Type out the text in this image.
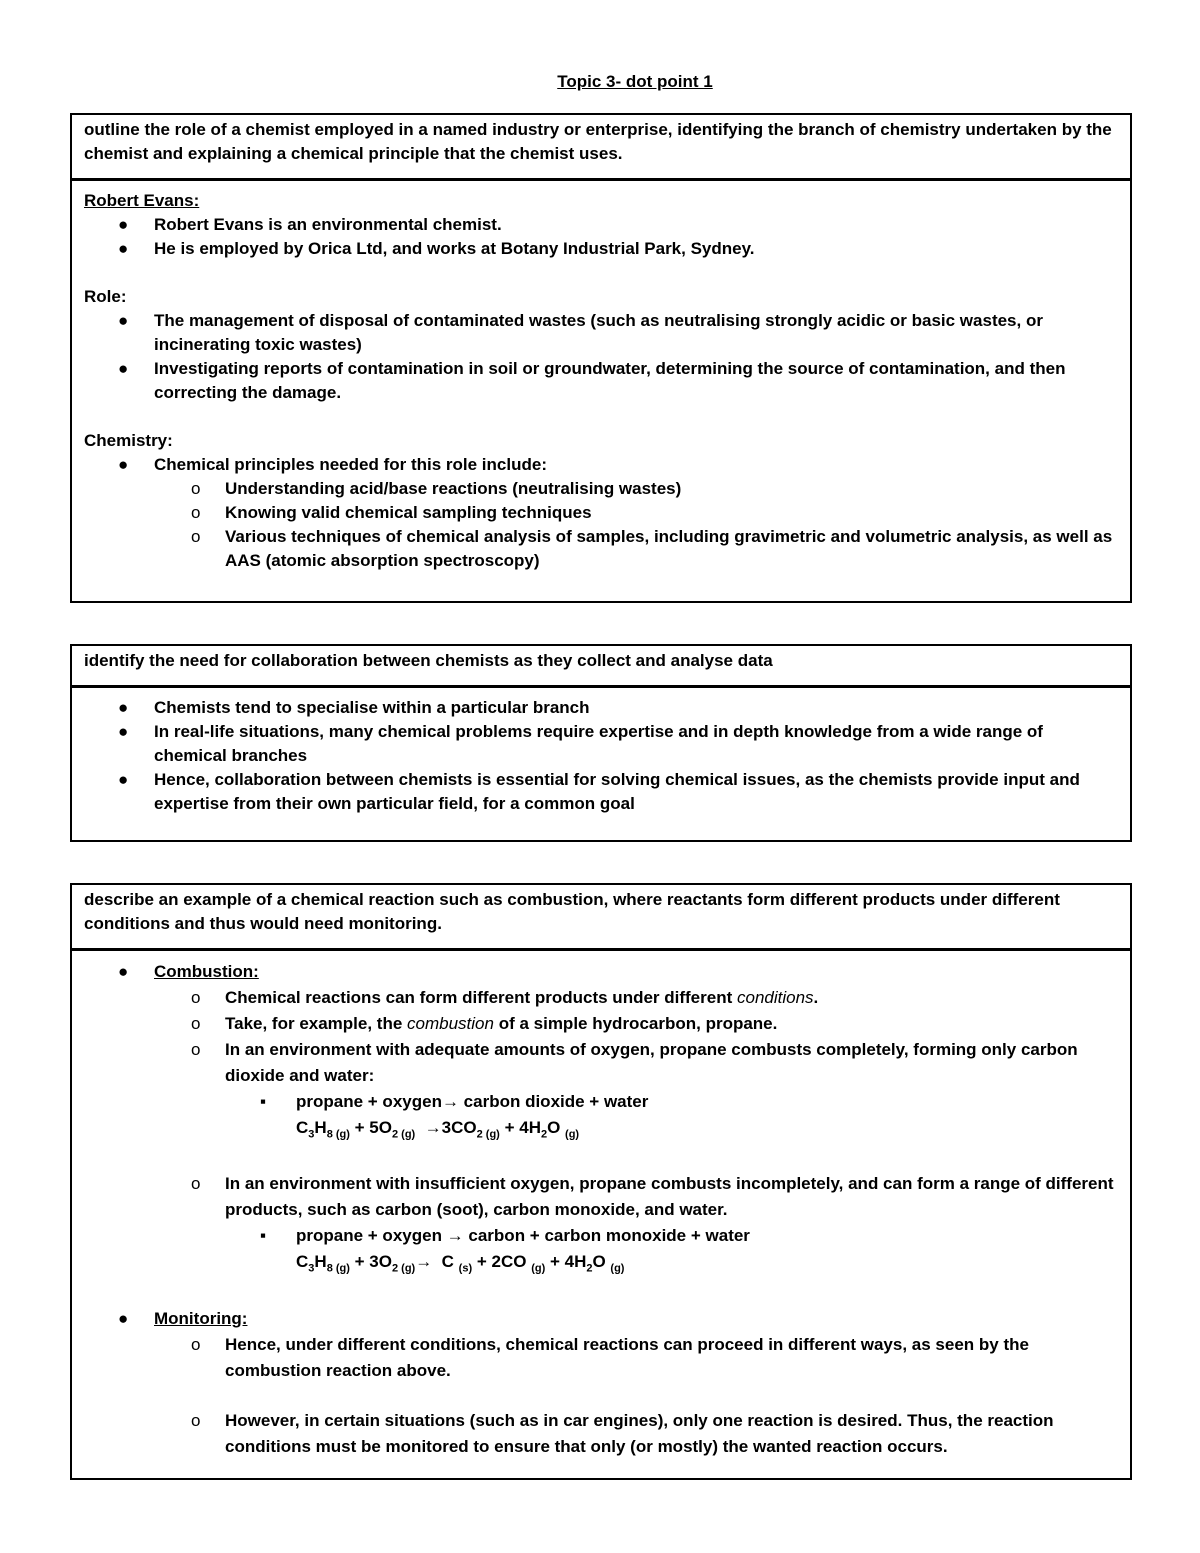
Topic 3- dot point 1
outline the role of a chemist employed in a named industry or enterprise, identifying the branch of chemistry undertaken by the chemist and explaining a chemical principle that the chemist uses.
Robert Evans:
● Robert Evans is an environmental chemist.
● He is employed by Orica Ltd, and works at Botany Industrial Park, Sydney.
Role:
● The management of disposal of contaminated wastes (such as neutralising strongly acidic or basic wastes, or incinerating toxic wastes)
● Investigating reports of contamination in soil or groundwater, determining the source of contamination, and then correcting the damage.
Chemistry:
● Chemical principles needed for this role include:
o Understanding acid/base reactions (neutralising wastes)
o Knowing valid chemical sampling techniques
o Various techniques of chemical analysis of samples, including gravimetric and volumetric analysis, as well as AAS (atomic absorption spectroscopy)
identify the need for collaboration between chemists as they collect and analyse data
● Chemists tend to specialise within a particular branch
● In real-life situations, many chemical problems require expertise and in depth knowledge from a wide range of chemical branches
● Hence, collaboration between chemists is essential for solving chemical issues, as the chemists provide input and expertise from their own particular field, for a common goal
describe an example of a chemical reaction such as combustion, where reactants form different products under different conditions and thus would need monitoring.
● Combustion:
o Chemical reactions can form different products under different conditions.
o Take, for example, the combustion of a simple hydrocarbon, propane.
o In an environment with adequate amounts of oxygen, propane combusts completely, forming only carbon dioxide and water:
▪ propane + oxygen→ carbon dioxide + water
$C_3H_{8 (g)} + 5O_{2 (g)} \to 3CO_{2 (g)} + 4H_2O$ $_{(g)}$
o In an environment with insufficient oxygen, propane combusts incompletely, and can form a range of different products, such as carbon (soot), carbon monoxide, and water.
▪ propane + oxygen → carbon + carbon monoxide + water
$C_3H_{8 (g)} + 3O_{2 (g)}\to C$ $_{(s)}$ + 2CO $_{(g)} + 4H_2O$ $_{(g)}$
● Monitoring:
o Hence, under different conditions, chemical reactions can proceed in different ways, as seen by the combustion reaction above.
o However, in certain situations (such as in car engines), only one reaction is desired. Thus, the reaction conditions must be monitored to ensure that only (or mostly) the wanted reaction occurs.
